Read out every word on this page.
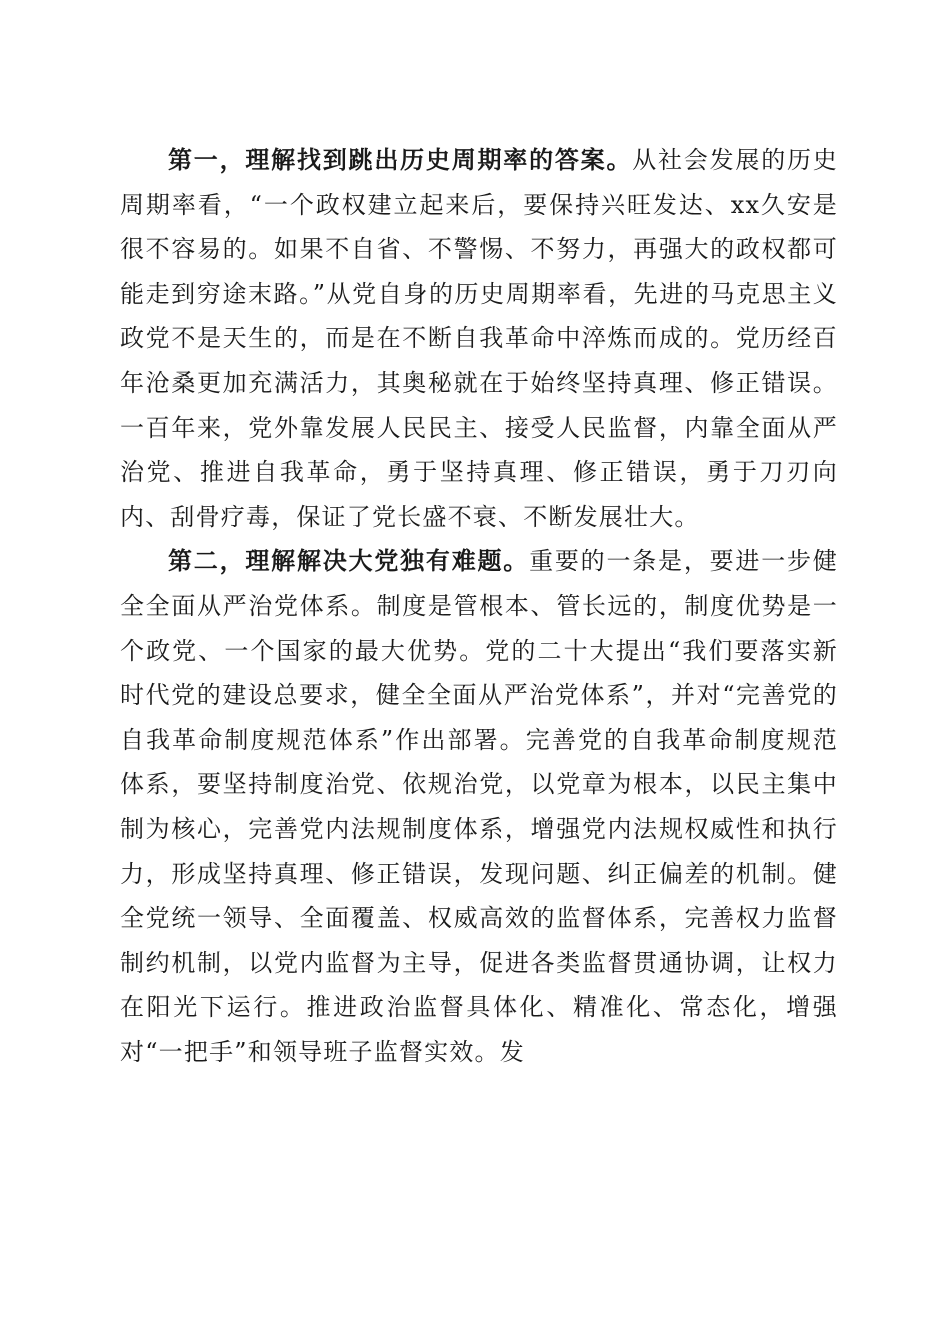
第一，理解找到跳出历史周期率的答案。从社会发展的历史周期率看，“一个政权建立起来后，要保持兴旺发达、xx久安是很不容易的。如果不自省、不警惕、不努力，再强大的政权都可能走到穷途末路。”从党自身的历史周期率看，先进的马克思主义政党不是天生的，而是在不断自我革命中淬炼而成的。党历经百年沧桑更加充满活力，其奥秘就在于始终坚持真理、修正错误。一百年来，党外靠发展人民民主、接受人民监督，内靠全面从严治党、推进自我革命，勇于坚持真理、修正错误，勇于刀刃向内、刮骨疗毒，保证了党长盛不衰、不断发展壮大。

第二，理解解决大党独有难题。重要的一条是，要进一步健全全面从严治党体系。制度是管根本、管长远的，制度优势是一个政党、一个国家的最大优势。党的二十大提出“我们要落实新时代党的建设总要求，健全全面从严治党体系”，并对“完善党的自我革命制度规范体系”作出部署。完善党的自我革命制度规范体系，要坚持制度治党、依规治党，以党章为根本，以民主集中制为核心，完善党内法规制度体系，增强党内法规权威性和执行力，形成坚持真理、修正错误，发现问题、纠正偏差的机制。健全党统一领导、全面覆盖、权威高效的监督体系，完善权力监督制约机制，以党内监督为主导，促进各类监督贯通协调，让权力在阳光下运行。推进政治监督具体化、精准化、常态化，增强对“一把手”和领导班子监督实效。发
